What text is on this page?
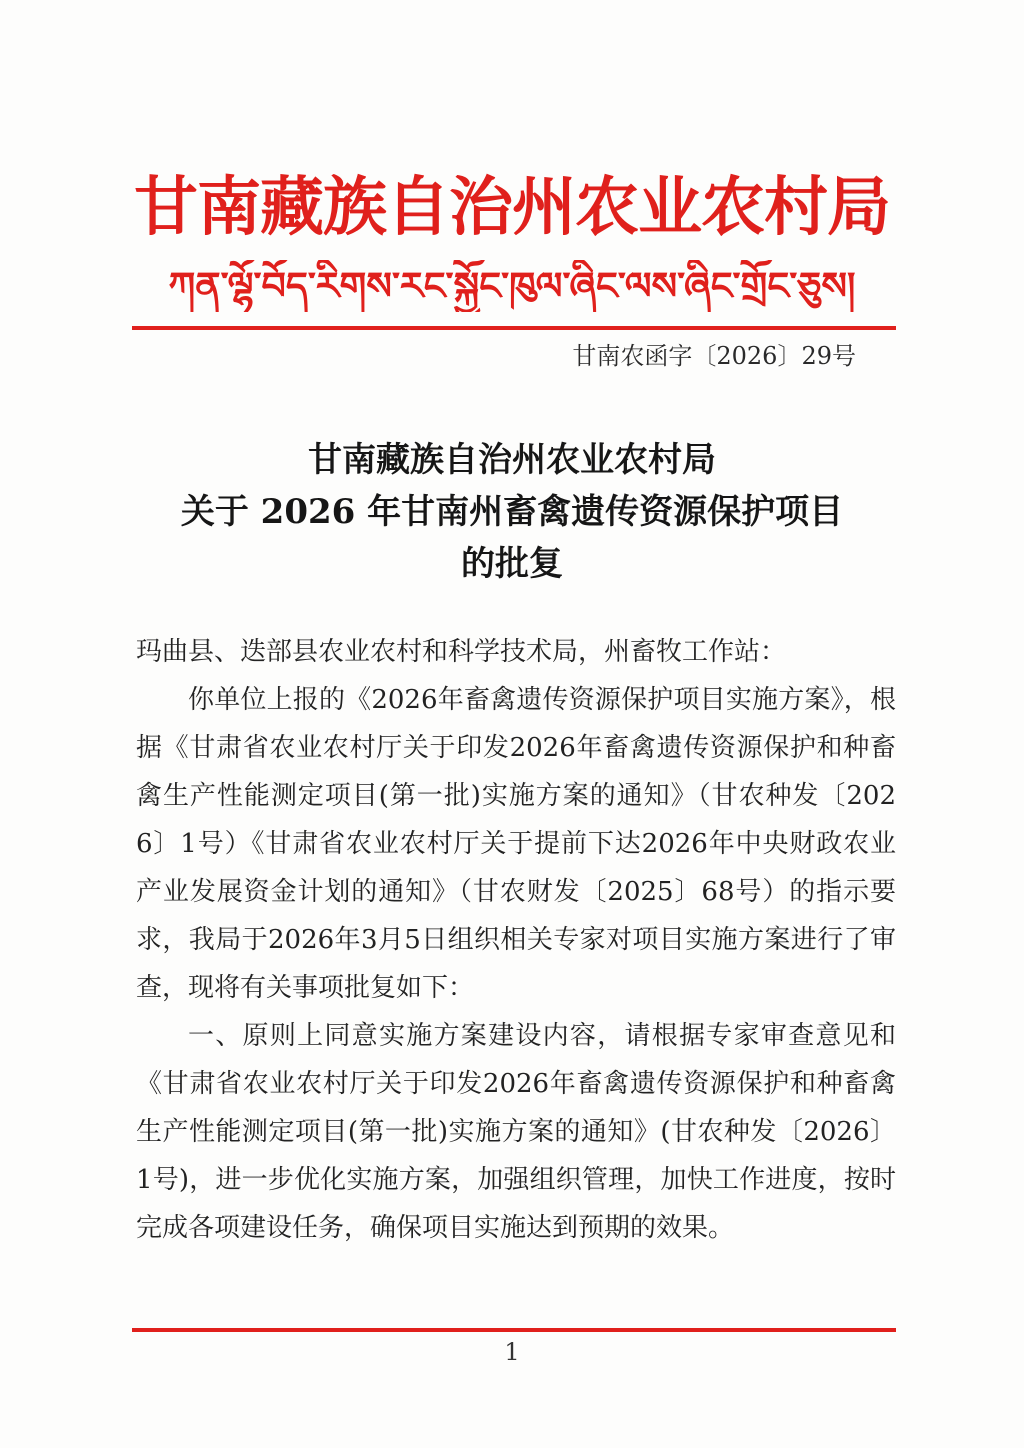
甘南藏族自治州农业农村局
ཀན་ལྷོ་བོད་རིགས་རང་སྐྱོང་ཁུལ་ཞིང་ལས་ཞིང་གྲོང་ཅུས།
甘南农函字〔2026〕29号
甘南藏族自治州农业农村局
关于 2026 年甘南州畜禽遗传资源保护项目
的批复

玛曲县、迭部县农业农村和科学技术局，州畜牧工作站：

你单位上报的《2026年畜禽遗传资源保护项目实施方案》，根据《甘肃省农业农村厅关于印发2026年畜禽遗传资源保护和种畜禽生产性能测定项目(第一批)实施方案的通知》（甘农种发〔2026〕1号）《甘肃省农业农村厅关于提前下达2026年中央财政农业产业发展资金计划的通知》（甘农财发〔2025〕68号）的指示要求，我局于2026年3月5日组织相关专家对项目实施方案进行了审查，现将有关事项批复如下：

一、原则上同意实施方案建设内容，请根据专家审查意见和《甘肃省农业农村厅关于印发2026年畜禽遗传资源保护和种畜禽生产性能测定项目(第一批)实施方案的通知》(甘农种发〔2026〕1号)，进一步优化实施方案，加强组织管理，加快工作进度，按时完成各项建设任务，确保项目实施达到预期的效果。

1
